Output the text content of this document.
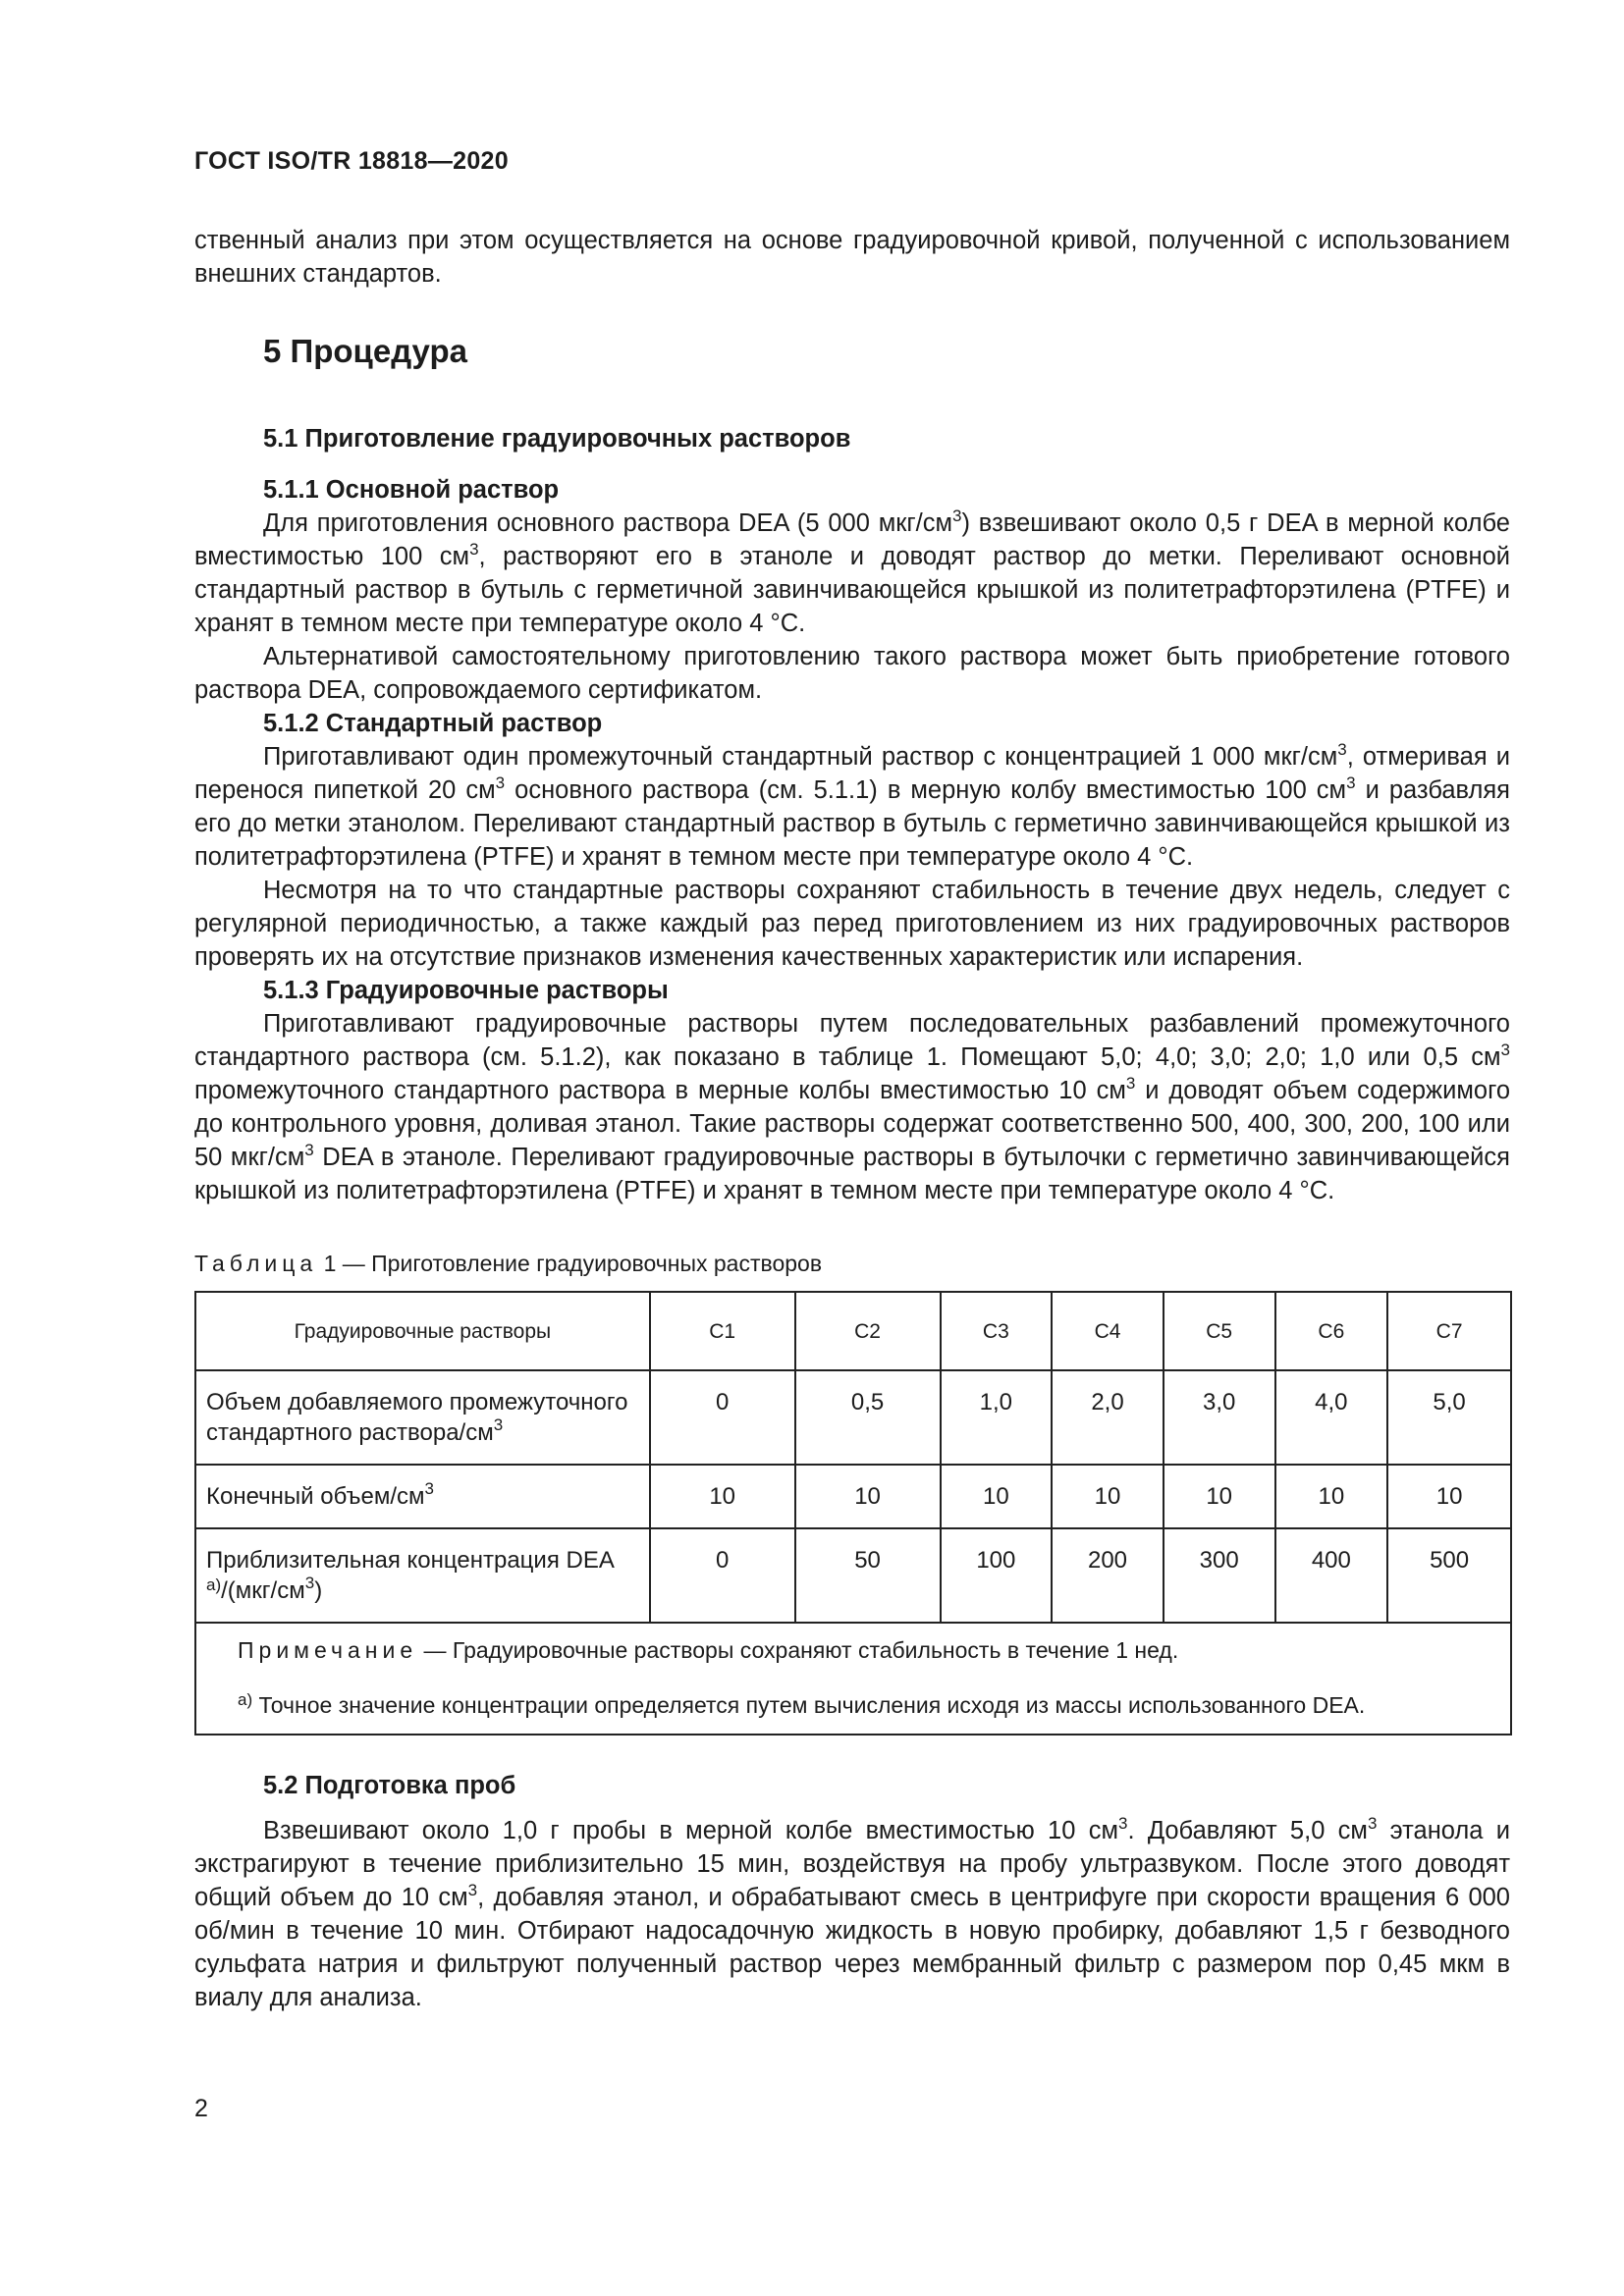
ГОСТ ISO/TR 18818—2020

ственный анализ при этом осуществляется на основе градуировочной кривой, полученной с использованием внешних стандартов.

5 Процедура
5.1 Приготовление градуировочных растворов
5.1.1 Основной раствор

Для приготовления основного раствора DEA (5 000 мкг/$см^3$) взвешивают около 0,5 г DEA в мерной колбе вместимостью 100 $см^3$, растворяют его в этаноле и доводят раствор до метки. Переливают основной стандартный раствор в бутыль с герметичной завинчивающейся крышкой из политетрафторэтилена (PTFE) и хранят в темном месте при температуре около 4 °С.

Альтернативой самостоятельному приготовлению такого раствора может быть приобретение готового раствора DEA, сопровождаемого сертификатом.

5.1.2 Стандартный раствор

Приготавливают один промежуточный стандартный раствор с концентрацией 1 000 мкг/$см^3$, отмеривая и перенося пипеткой 20 $см^3$ основного раствора (см. 5.1.1) в мерную колбу вместимостью 100 $см^3$ и разбавляя его до метки этанолом. Переливают стандартный раствор в бутыль с герметично завинчивающейся крышкой из политетрафторэтилена (PTFE) и хранят в темном месте при температуре около 4 °С.

Несмотря на то что стандартные растворы сохраняют стабильность в течение двух недель, следует с регулярной периодичностью, а также каждый раз перед приготовлением из них градуировочных растворов проверять их на отсутствие признаков изменения качественных характеристик или испарения.

5.1.3 Градуировочные растворы

Приготавливают градуировочные растворы путем последовательных разбавлений промежуточного стандартного раствора (см. 5.1.2), как показано в таблице 1. Помещают 5,0; 4,0; 3,0; 2,0; 1,0 или 0,5 $см^3$ промежуточного стандартного раствора в мерные колбы вместимостью 10 $см^3$ и доводят объем содержимого до контрольного уровня, доливая этанол. Такие растворы содержат соответственно 500, 400, 300, 200, 100 или 50 мкг/$см^3$ DEA в этаноле. Переливают градуировочные растворы в бутылочки с герметично завинчивающейся крышкой из политетрафторэтилена (PTFE) и хранят в темном месте при температуре около 4 °С.

Таблица 1 — Приготовление градуировочных растворов
Градуировочные растворы	C1	C2	C3	C4	C5	C6	C7
Объем добавляемого промежуточного стандартного раствора/$см^3$	0	0,5	1,0	2,0	3,0	4,0	5,0
Конечный объем/$см^3$	10	10	10	10	10	10	10
Приблизительная концентрация DEA $^{а)}/(мкг/см^3)$	0	50	100	200	300	400	500

Примечание — Градуировочные растворы сохраняют стабильность в течение 1 нед.
$^{а)}$ Точное значение концентрации определяется путем вычисления исходя из массы использованного DEA.							
5.2 Подготовка проб

Взвешивают около 1,0 г пробы в мерной колбе вместимостью 10 $см^3$. Добавляют 5,0 $см^3$ этанола и экстрагируют в течение приблизительно 15 мин, воздействуя на пробу ультразвуком. После этого доводят общий объем до 10 $см^3$, добавляя этанол, и обрабатывают смесь в центрифуге при скорости вращения 6 000 об/мин в течение 10 мин. Отбирают надосадочную жидкость в новую пробирку, добавляют 1,5 г безводного сульфата натрия и фильтруют полученный раствор через мембранный фильтр с размером пор 0,45 мкм в виалу для анализа.

2
